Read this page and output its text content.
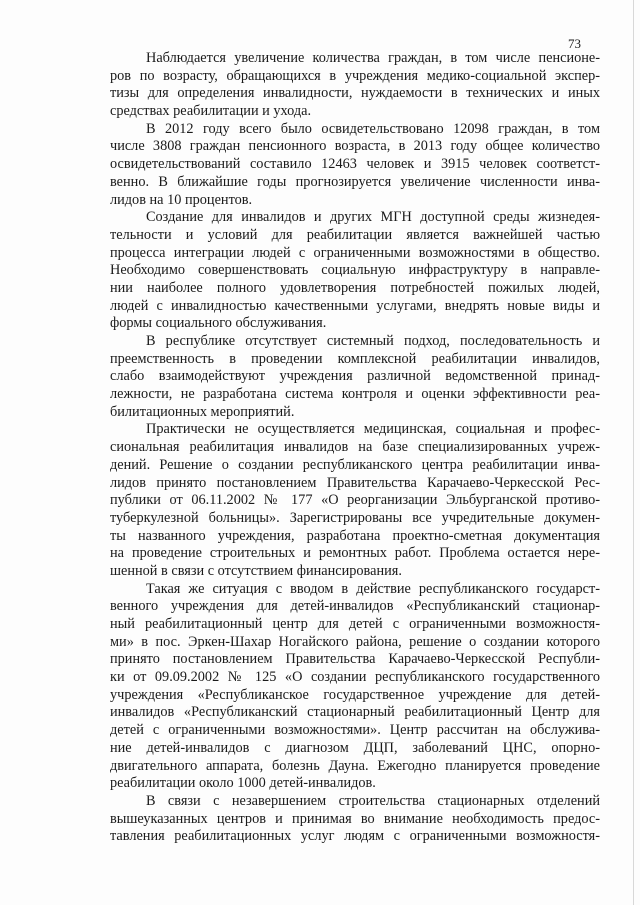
73
Наблюдается увеличение количества граждан, в том числе пенсионе-
ров по возрасту, обращающихся в учреждения медико-социальной экспер-
тизы для определения инвалидности, нуждаемости в технических и иных
средствах реабилитации и ухода.
В 2012 году всего было освидетельствовано 12098 граждан, в том
числе 3808 граждан пенсионного возраста, в 2013 году общее количество
освидетельствований составило 12463 человек и 3915 человек соответст-
венно. В ближайшие годы прогнозируется увеличение численности инва-
лидов на 10 процентов.
Создание для инвалидов и других МГН доступной среды жизнедея-
тельности и условий для реабилитации является важнейшей частью
процесса интеграции людей с ограниченными возможностями в общество.
Необходимо совершенствовать социальную инфраструктуру в направле-
нии наиболее полного удовлетворения потребностей пожилых людей,
людей с инвалидностью качественными услугами, внедрять новые виды и
формы социального обслуживания.
В республике отсутствует системный подход, последовательность и
преемственность в проведении комплексной реабилитации инвалидов,
слабо взаимодействуют учреждения различной ведомственной принад-
лежности, не разработана система контроля и оценки эффективности реа-
билитационных мероприятий.
Практически не осуществляется медицинская, социальная и профес-
сиональная реабилитация инвалидов на базе специализированных учреж-
дений. Решение о создании республиканского центра реабилитации инва-
лидов принято постановлением Правительства Карачаево-Черкесской Рес-
публики от 06.11.2002 № 177 «О реорганизации Эльбурганской противо-
туберкулезной больницы». Зарегистрированы все учредительные докумен-
ты названного учреждения, разработана проектно-сметная документация
на проведение строительных и ремонтных работ. Проблема остается нере-
шенной в связи с отсутствием финансирования.
Такая же ситуация с вводом в действие республиканского государст-
венного учреждения для детей-инвалидов «Республиканский стационар-
ный реабилитационный центр для детей с ограниченными возможностя-
ми» в пос. Эркен-Шахар Ногайского района, решение о создании которого
принято постановлением Правительства Карачаево-Черкесской Республи-
ки от 09.09.2002 № 125 «О создании республиканского государственного
учреждения «Республиканское государственное учреждение для детей-
инвалидов «Республиканский стационарный реабилитационный Центр для
детей с ограниченными возможностями». Центр рассчитан на обслужива-
ние детей-инвалидов с диагнозом ДЦП, заболеваний ЦНС, опорно-
двигательного аппарата, болезнь Дауна. Ежегодно планируется проведение
реабилитации около 1000 детей-инвалидов.
В связи с незавершением строительства стационарных отделений
вышеуказанных центров и принимая во внимание необходимость предос-
тавления реабилитационных услуг людям с ограниченными возможностя-
